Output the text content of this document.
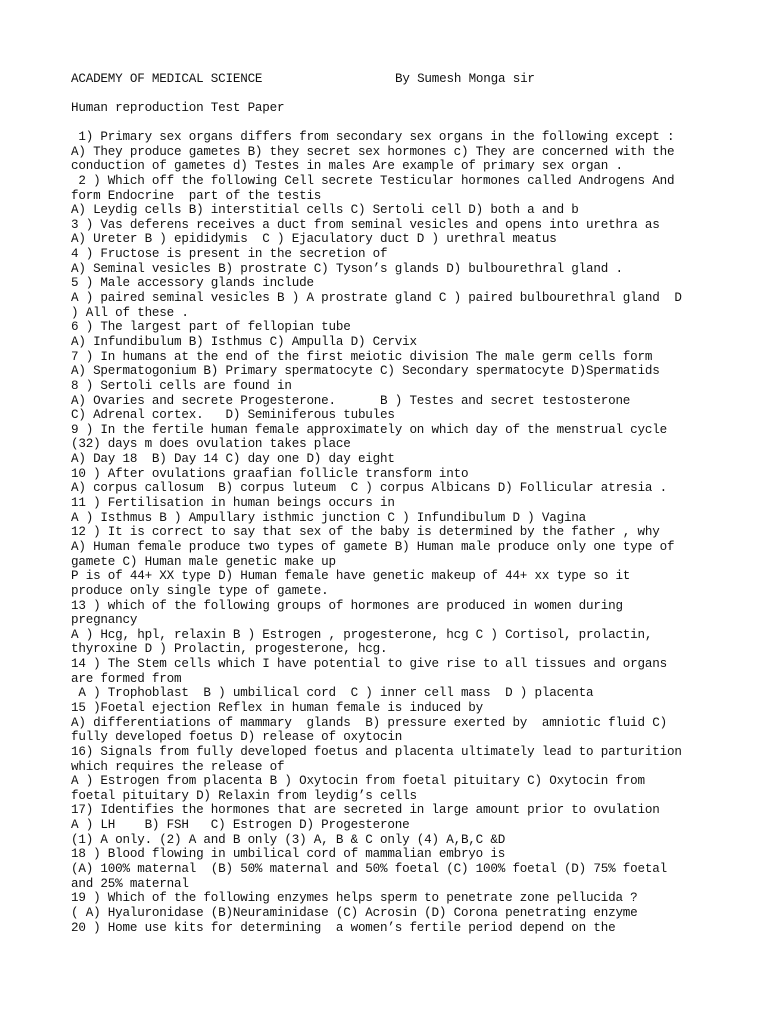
ACADEMY OF MEDICAL SCIENCE	By Sumesh Monga sir
Human reproduction Test Paper
1) Primary sex organs differs from secondary sex organs in the following except :
A) They produce gametes B) they secret sex hormones c) They are concerned with the
conduction of gametes d) Testes in males Are example of primary sex organ .
2 ) Which off the following Cell secrete Testicular hormones called Androgens And
form Endocrine  part of the testis
A) Leydig cells B) interstitial cells C) Sertoli cell D) both a and b
3 ) Vas deferens receives a duct from seminal vesicles and opens into urethra as
A) Ureter B ) epididymis  C ) Ejaculatory duct D ) urethral meatus
4 ) Fructose is present in the secretion of
A) Seminal vesicles B) prostrate C) Tyson’s glands D) bulbourethral gland .
5 ) Male accessory glands include
A ) paired seminal vesicles B ) A prostrate gland C ) paired bulbourethral gland  D
) All of these .
6 ) The largest part of fellopian tube
A) Infundibulum B) Isthmus C) Ampulla D) Cervix
7 ) In humans at the end of the first meiotic division The male germ cells form
A) Spermatogonium B) Primary spermatocyte C) Secondary spermatocyte D)Spermatids
8 ) Sertoli cells are found in
A) Ovaries and secrete Progesterone.      B ) Testes and secret testosterone
C) Adrenal cortex.   D) Seminiferous tubules
9 ) In the fertile human female approximately on which day of the menstrual cycle
(32) days m does ovulation takes place
A) Day 18  B) Day 14 C) day one D) day eight
10 ) After ovulations graafian follicle transform into
A) corpus callosum  B) corpus luteum  C ) corpus Albicans D) Follicular atresia .
11 ) Fertilisation in human beings occurs in
A ) Isthmus B ) Ampullary isthmic junction C ) Infundibulum D ) Vagina
12 ) It is correct to say that sex of the baby is determined by the father , why
A) Human female produce two types of gamete B) Human male produce only one type of
gamete C) Human male genetic make up
P is of 44+ XX type D) Human female have genetic makeup of 44+ xx type so it
produce only single type of gamete.
13 ) which of the following groups of hormones are produced in women during
pregnancy
A ) Hcg, hpl, relaxin B ) Estrogen , progesterone, hcg C ) Cortisol, prolactin,
thyroxine D ) Prolactin, progesterone, hcg.
14 ) The Stem cells which I have potential to give rise to all tissues and organs
are formed from
A ) Trophoblast  B ) umbilical cord  C ) inner cell mass  D ) placenta
15 )Foetal ejection Reflex in human female is induced by
A) differentiations of mammary  glands  B) pressure exerted by  amniotic fluid C)
fully developed foetus D) release of oxytocin
16) Signals from fully developed foetus and placenta ultimately lead to parturition
which requires the release of
A ) Estrogen from placenta B ) Oxytocin from foetal pituitary C) Oxytocin from
foetal pituitary D) Relaxin from leydig’s cells
17) Identifies the hormones that are secreted in large amount prior to ovulation
A ) LH    B) FSH   C) Estrogen D) Progesterone
(1) A only. (2) A and B only (3) A, B & C only (4) A,B,C &D
18 ) Blood flowing in umbilical cord of mammalian embryo is
(A) 100% maternal  (B) 50% maternal and 50% foetal (C) 100% foetal (D) 75% foetal
and 25% maternal
19 ) Which of the following enzymes helps sperm to penetrate zone pellucida ?
( A) Hyaluronidase (B)Neuraminidase (C) Acrosin (D) Corona penetrating enzyme
20 ) Home use kits for determining  a women’s fertile period depend on the
